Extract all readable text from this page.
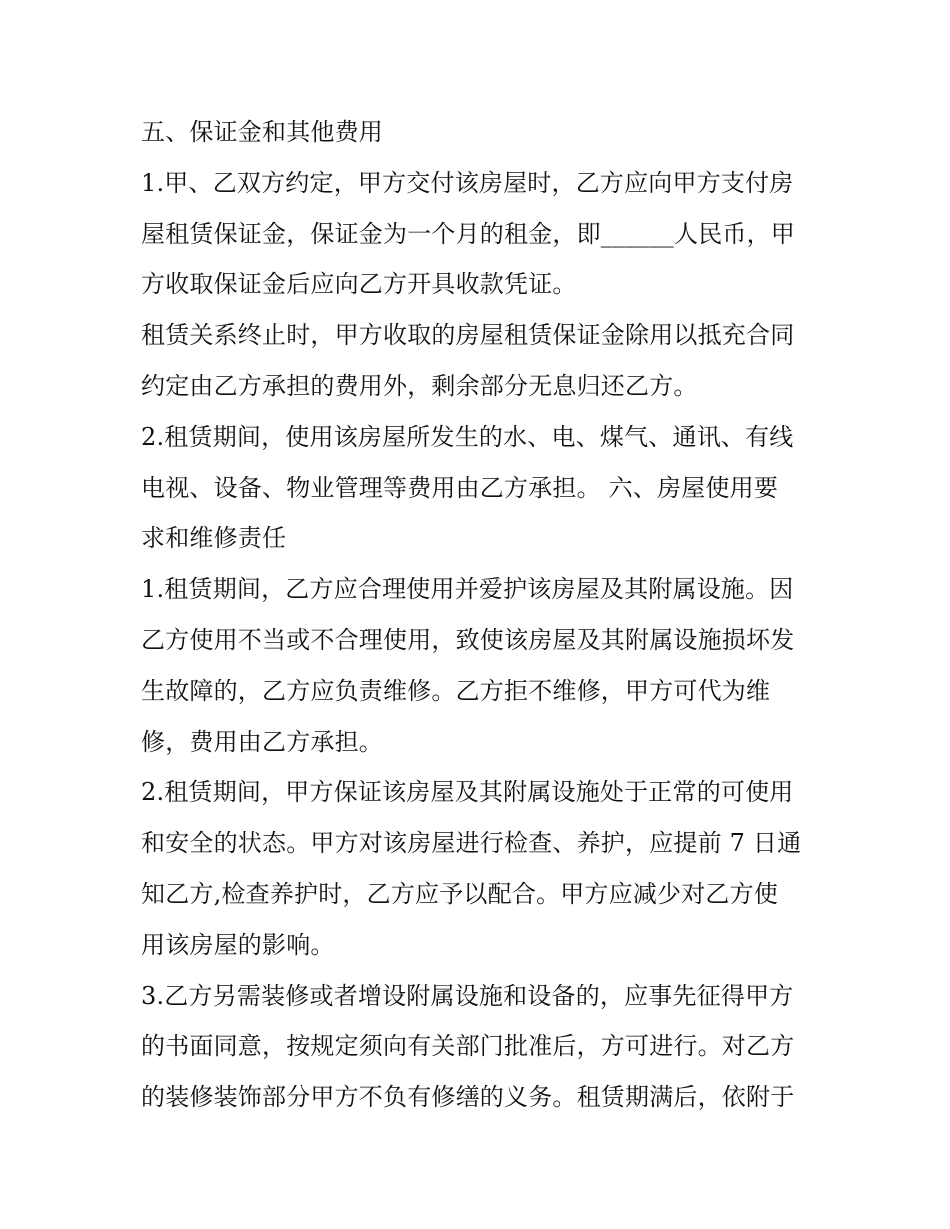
五、保证金和其他费用
1.甲、乙双方约定，甲方交付该房屋时，乙方应向甲方支付房
屋租赁保证金，保证金为一个月的租金，即______人民币，甲
方收取保证金后应向乙方开具收款凭证。
租赁关系终止时，甲方收取的房屋租赁保证金除用以抵充合同
约定由乙方承担的费用外，剩余部分无息归还乙方。
2.租赁期间，使用该房屋所发生的水、电、煤气、通讯、有线
电视、设备、物业管理等费用由乙方承担。 六、房屋使用要
求和维修责任
1.租赁期间，乙方应合理使用并爱护该房屋及其附属设施。因
乙方使用不当或不合理使用，致使该房屋及其附属设施损坏发
生故障的，乙方应负责维修。乙方拒不维修，甲方可代为维
修，费用由乙方承担。
2.租赁期间，甲方保证该房屋及其附属设施处于正常的可使用
和安全的状态。甲方对该房屋进行检查、养护，应提前 7 日通
知乙方,检查养护时，乙方应予以配合。甲方应减少对乙方使
用该房屋的影响。
3.乙方另需装修或者增设附属设施和设备的，应事先征得甲方
的书面同意，按规定须向有关部门批准后，方可进行。对乙方
的装修装饰部分甲方不负有修缮的义务。租赁期满后，依附于
